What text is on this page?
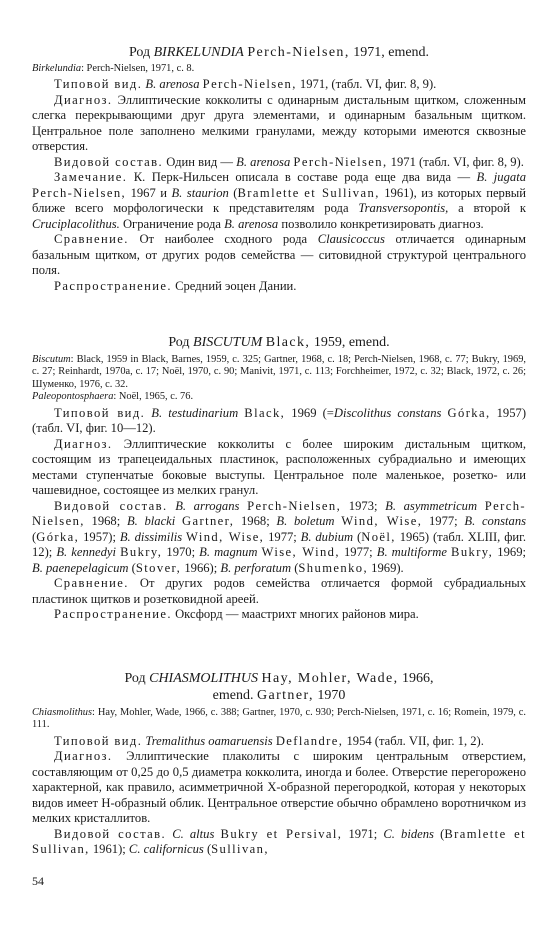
Род BIRKELUNDIA Perch-Nielsen, 1971, emend.

Birkelundia: Perch-Nielsen, 1971, с. 8.

Типовой вид. B. arenosa Perch-Nielsen, 1971, (табл. VI, фиг. 8, 9).

Диагноз. Эллиптические кокколиты с одинарным дистальным щитком, сложенным слегка перекрывающими друг друга элементами, и одинарным базальным щитком. Центральное поле заполнено мелкими гранулами, между которыми имеются сквозные отверстия.

Видовой состав. Один вид — B. arenosa Perch-Nielsen, 1971 (табл. VI, фиг. 8, 9).

Замечание. К. Перк-Нильсен описала в составе рода еще два вида — B. jugata Perch-Nielsen, 1967 и B. staurion (Bramlette et Sullivan, 1961), из которых первый ближе всего морфологически к представителям рода Transversopontis, а второй к Cruciplacolithus. Ограничение рода B. arenosa позволило конкретизировать диагноз.

Сравнение. От наиболее сходного рода Clausicoccus отличается одинарным базальным щитком, от других родов семейства — ситовидной структурой центрального поля.

Распространение. Средний эоцен Дании.

Род BISCUTUM Black, 1959, emend.

Biscutum: Black, 1959 in Black, Barnes, 1959, с. 325; Gartner, 1968, с. 18; Perch-Nielsen, 1968, с. 77; Bukry, 1969, с. 27; Reinhardt, 1970а, с. 17; Noël, 1970, с. 90; Manivit, 1971, с. 113; Forchheimer, 1972, с. 32; Black, 1972, с. 26; Шуменко, 1976, с. 32.

Paleopontosphaera: Noël, 1965, с. 76.

Типовой вид. B. testudinarium Black, 1969 (=Discolithus constans Górka, 1957) (табл. VI, фиг. 10—12).

Диагноз. Эллиптические кокколиты с более широким дистальным щитком, состоящим из трапецеидальных пластинок, расположенных субрадиально и имеющих местами ступенчатые боковые выступы. Центральное поле маленькое, розетко- или чашевидное, состоящее из мелких гранул.

Видовой состав. B. arrogans Perch-Nielsen, 1973; B. asymmetricum Perch-Nielsen, 1968; B. blacki Gartner, 1968; B. boletum Wind, Wise, 1977; B. constans (Górka, 1957); B. dissimilis Wind, Wise, 1977; B. dubium (Noël, 1965) (табл. XLIII, фиг. 12); B. kennedyi Bukry, 1970; B. magnum Wise, Wind, 1977; B. multiforme Bukry, 1969; B. paenepelagicum (Stover, 1966); B. perforatum (Shumenko, 1969).

Сравнение. От других родов семейства отличается формой субрадиальных пластинок щитков и розетковидной ареей.

Распространение. Оксфорд — маастрихт многих районов мира.

Род CHIASMOLITHUS Hay, Mohler, Wade, 1966,

emend. Gartner, 1970

Chiasmolithus: Hay, Mohler, Wade, 1966, с. 388; Gartner, 1970, с. 930; Perch-Nielsen, 1971, с. 16; Romein, 1979, с. 111.

Типовой вид. Tremalithus oamaruensis Deflandre, 1954 (табл. VII, фиг. 1, 2).

Диагноз. Эллиптические плаколиты с широким центральным отверстием, составляющим от 0,25 до 0,5 диаметра кокколита, иногда и более. Отверстие перегорожено характерной, как правило, асимметричной Х-образной перегородкой, которая у некоторых видов имеет Н-образный облик. Центральное отверстие обычно обрамлено воротничком из мелких кристаллитов.

Видовой состав. C. altus Bukry et Persival, 1971; C. bidens (Bramlette et Sullivan, 1961); C. californicus (Sullivan,

54
